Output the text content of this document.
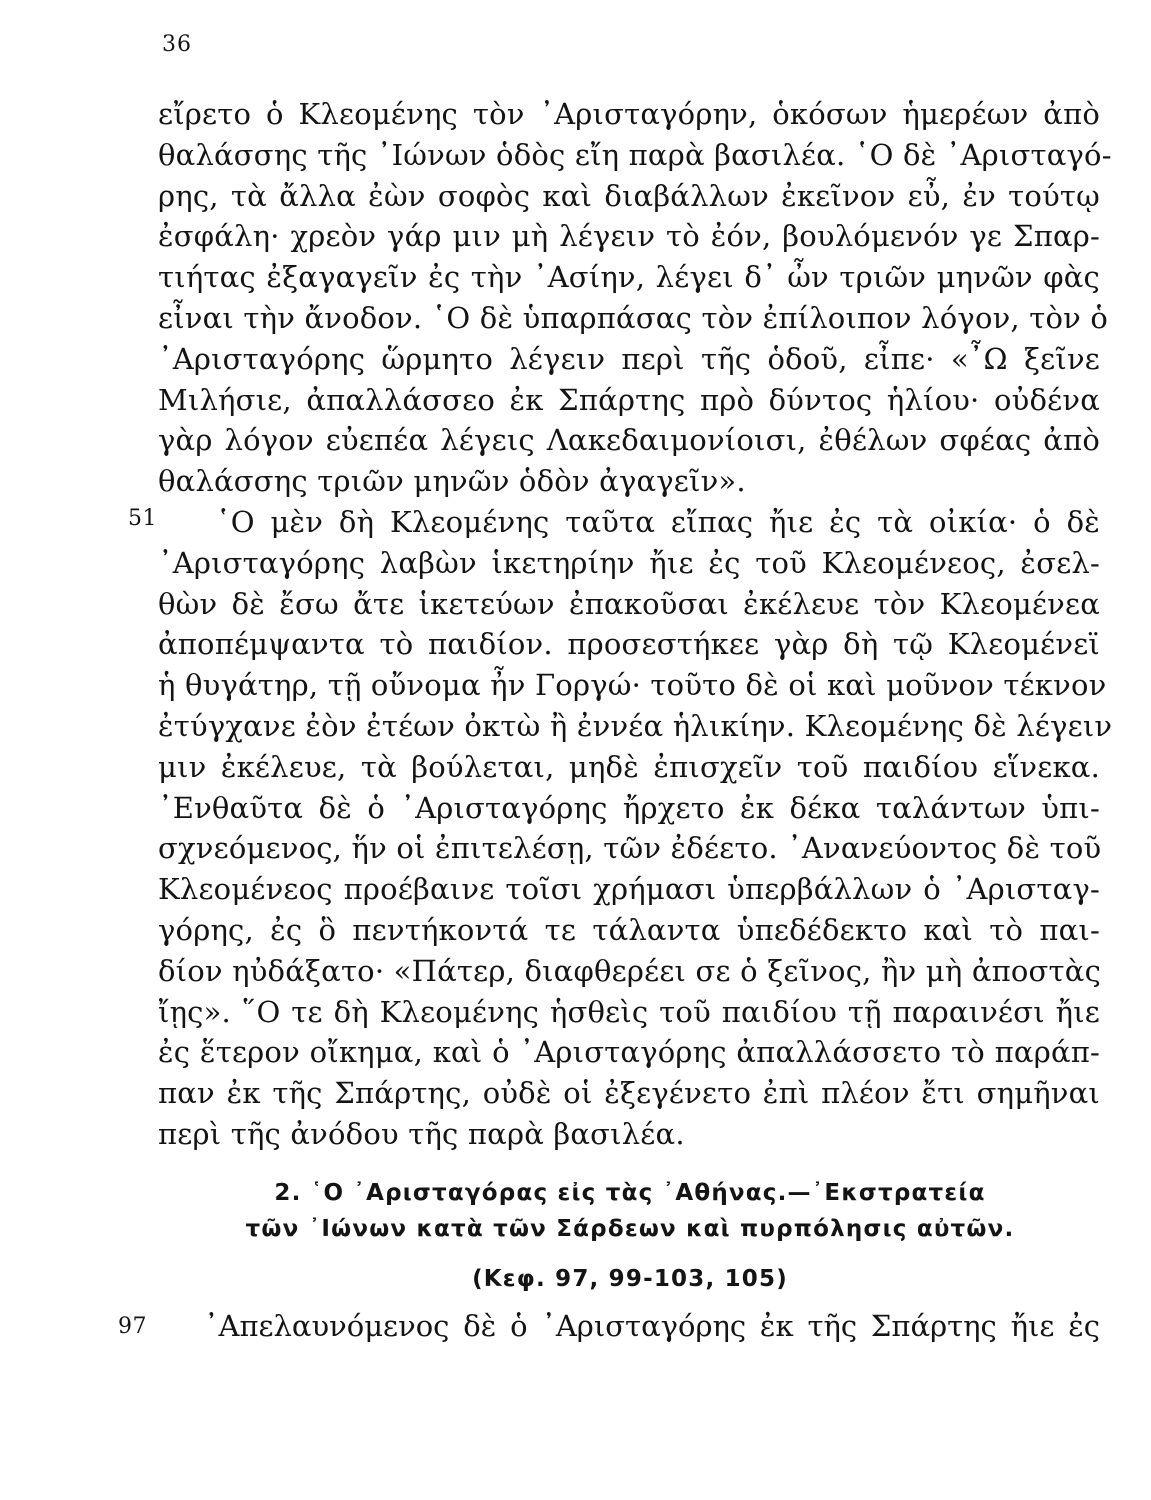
36
εἴρετο ὁ Κλεομένης τὸν ᾿Αρισταγόρην, ὁκόσων ἡμερέων ἀπὸ
θαλάσσης τῆς ᾿Ιώνων ὁδὸς εἴη παρὰ βασιλέα. ῾Ο δὲ ᾿Aρισταγό-
ρης, τὰ ἄλλα ἐὼν σοφὸς καὶ διαβάλλων ἐκεῖνον εὖ, ἐν τούτῳ
ἐσφάλη· χρεὸν γάρ μιν μὴ λέγειν τὸ ἐόν, βουλόμενόν γε Σπαρ-
τιήτας ἐξαγαγεῖν ἐς τὴν ᾿Ασίην, λέγει δ᾿ ὦν τριῶν μηνῶν φὰς
εἶναι τὴν ἄνοδον. ῾Ο δὲ ὑπαρπάσας τὸν ἐπίλοιπον λόγον, τὸν ὁ
᾿Αρισταγόρης ὥρμητο λέγειν περὶ τῆς ὁδοῦ, εἶπε· «῏Ω ξεῖνε
Μιλήσιε, ἀπαλλάσσεο ἐκ Σπάρτης πρὸ δύντος ἡλίου· οὐδένα
γὰρ λόγον εὐεπέα λέγεις Λακεδαιμονίοισι, ἐθέλων σφέας ἀπὸ
θαλάσσης τριῶν μηνῶν ὁδὸν ἀγαγεῖν».
῾Ο μὲν δὴ Κλεομένης ταῦτα εἴπας ἤιε ἐς τὰ οἰκία· ὁ δὲ
᾿Αρισταγόρης λαβὼν ἱκετηρίην ἤιε ἐς τοῦ Κλεομένεος, ἐσελ-
θὼν δὲ ἔσω ἄτε ἱκετεύων ἐπακοῦσαι ἐκέλευε τὸν Κλεομένεα
ἀποπέμψαντα τὸ παιδίον. προσεστήκεε γὰρ δὴ τῷ Κλεομένεϊ
ἡ θυγάτηρ, τῇ οὔνομα ἦν Γοργώ· τοῦτο δὲ οἱ καὶ μοῦνον τέκνον
ἐτύγχανε ἐὸν ἐτέων ὀκτὼ ἢ ἐννέα ἡλικίην. Κλεομένης δὲ λέγειν
μιν ἐκέλευε, τὰ βούλεται, μηδὲ ἐπισχεῖν τοῦ παιδίου εἵνεκα.
᾿Ενθαῦτα δὲ ὁ ᾿Αρισταγόρης ἤρχετο ἐκ δέκα ταλάντων ὑπι-
σχνεόμενος, ἥν οἱ ἐπιτελέσῃ, τῶν ἐδέετο. ᾿Ανανεύοντος δὲ τοῦ
Κλεομένεος προέβαινε τοῖσι χρήμασι ὑπερβάλλων ὁ ᾿Αρισταγ-
γόρης, ἐς ὃ πεντήκοντά τε τάλαντα ὑπεδέδεκτο καὶ τὸ παι-
δίον ηὐδάξατο· «Πάτερ, διαφθερέει σε ὁ ξεῖνος, ἢν μὴ ἀποστὰς
ἴῃς». ῞Ο τε δὴ Κλεομένης ἡσθεὶς τοῦ παιδίου τῇ παραινέσι ἤιε
ἐς ἕτερον οἴκημα, καὶ ὁ ᾿Αρισταγόρης ἀπαλλάσσετο τὸ παράπ-
παν ἐκ τῆς Σπάρτης, οὐδὲ οἱ ἐξεγένετο ἐπὶ πλέον ἔτι σημῆναι
περὶ τῆς ἀνόδου τῆς παρὰ βασιλέα.
51
2. ῾Ο ᾿Αρισταγόρας εἰς τὰς ᾿Αθήνας.—᾿Εκστρατεία
τῶν ᾿Ιώνων κατὰ τῶν Σάρδεων καὶ πυρπόλησις αὐτῶν.
(Κεφ. 97, 99-103, 105)
97	᾿Απελαυνόμενος δὲ ὁ ᾿Αρισταγόρης ἐκ τῆς Σπάρτης ἤιε ἐς
